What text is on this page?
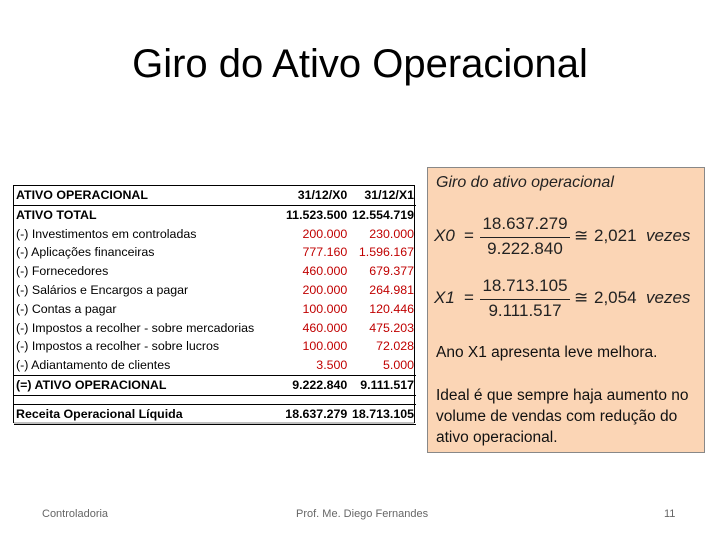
Giro do Ativo Operacional
ATIVO OPERACIONAL	31/12/X0	31/12/X1
ATIVO TOTAL	11.523.500	12.554.719
(-) Investimentos em controladas	200.000	230.000
(-) Aplicações financeiras	777.160	1.596.167
(-) Fornecedores	460.000	679.377
(-) Salários e Encargos a pagar	200.000	264.981
(-) Contas a pagar	100.000	120.446
(-) Impostos a recolher - sobre mercadorias	460.000	475.203
(-) Impostos a recolher - sobre lucros	100.000	72.028
(-) Adiantamento de clientes	3.500	5.000
(=) ATIVO OPERACIONAL	9.222.840	9.111.517

Receita Operacional Líquida	18.637.279	18.713.105
Giro do ativo operacional
X0 =
18.637.279
9.222.840
≅ 2,021 vezes
X1 =
18.713.105
9.111.517
≅ 2,054 vezes
Ano X1 apresenta leve melhora.
Ideal é que sempre haja aumento no volume de vendas com redução do ativo operacional.
Controladoria	Prof. Me. Diego Fernandes	11
